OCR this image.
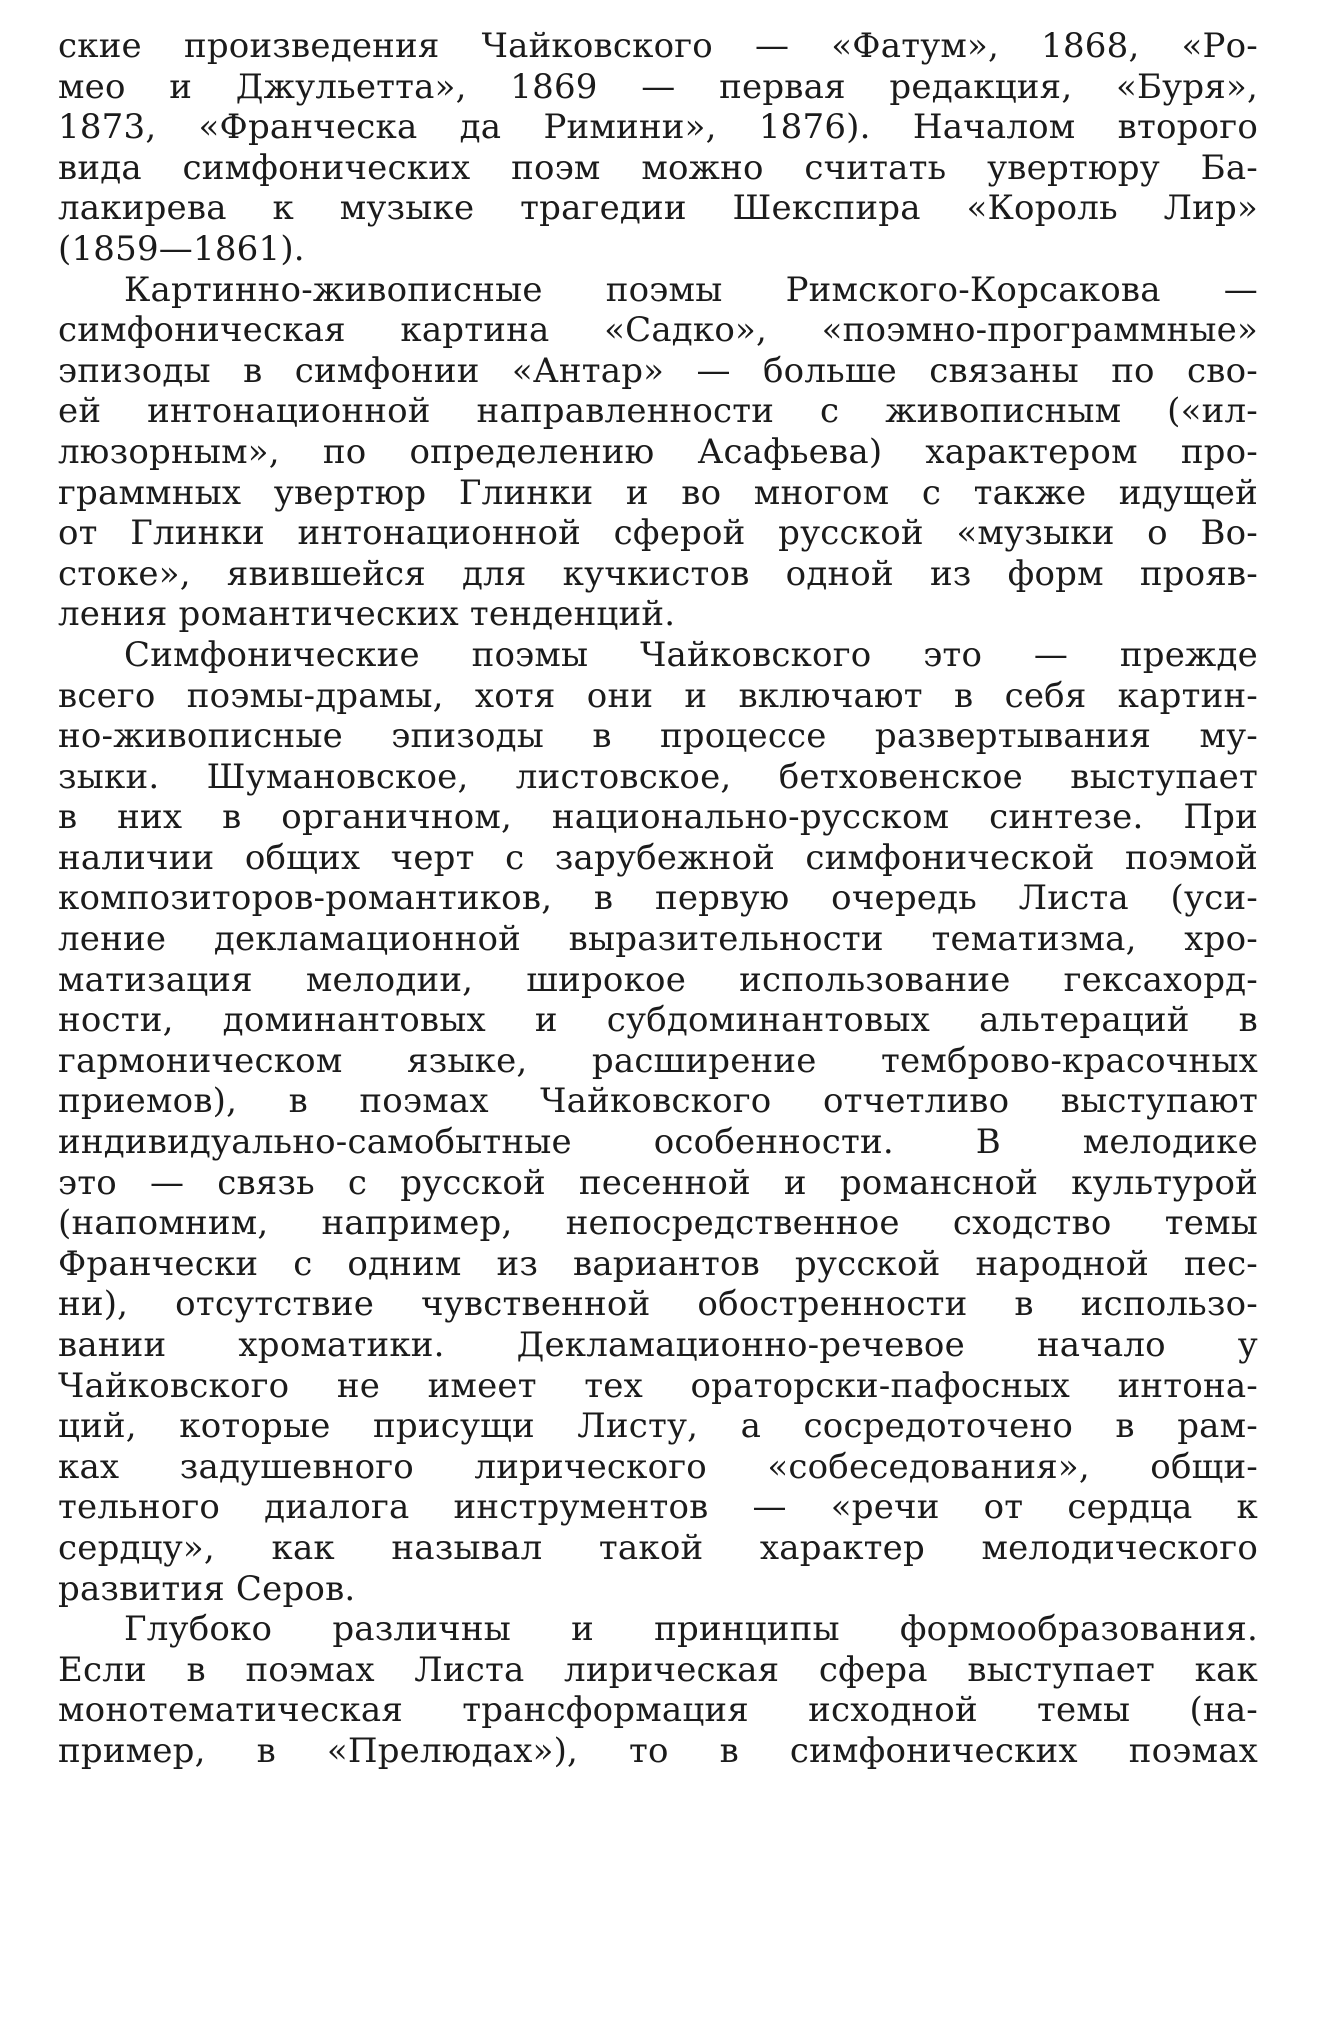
ские произведения Чайковского — «Фатум», 1868, «Ро-
мео и Джульетта», 1869 — первая редакция, «Буря»,
1873, «Франческа да Римини», 1876). Началом второго
вида симфонических поэм можно считать увертюру Ба-
лакирева к музыке трагедии Шекспира «Король Лир»
(1859—1861).
Картинно-живописные поэмы Римского-Корсакова —
симфоническая картина «Садко», «поэмно-программные»
эпизоды в симфонии «Антар» — больше связаны по сво-
ей интонационной направленности с живописным («ил-
люзорным», по определению Асафьева) характером про-
граммных увертюр Глинки и во многом с также идущей
от Глинки интонационной сферой русской «музыки о Во-
стоке», явившейся для кучкистов одной из форм прояв-
ления романтических тенденций.
Симфонические поэмы Чайковского это — прежде
всего поэмы-драмы, хотя они и включают в себя картин-
но-живописные эпизоды в процессе развертывания му-
зыки. Шумановское, листовское, бетховенское выступает
в них в органичном, национально-русском синтезе. При
наличии общих черт с зарубежной симфонической поэмой
композиторов-романтиков, в первую очередь Листа (уси-
ление декламационной выразительности тематизма, хро-
матизация мелодии, широкое использование гексахорд-
ности, доминантовых и субдоминантовых альтераций в
гармоническом языке, расширение темброво-красочных
приемов), в поэмах Чайковского отчетливо выступают
индивидуально-самобытные особенности. В мелодике
это — связь с русской песенной и романсной культурой
(напомним, например, непосредственное сходство темы
Франчески с одним из вариантов русской народной пес-
ни), отсутствие чувственной обостренности в использо-
вании хроматики. Декламационно-речевое начало у
Чайковского не имеет тех ораторски-пафосных интона-
ций, которые присущи Листу, а сосредоточено в рам-
ках задушевного лирического «собеседования», общи-
тельного диалога инструментов — «речи от сердца к
сердцу», как называл такой характер мелодического
развития Серов.
Глубоко различны и принципы формообразования.
Если в поэмах Листа лирическая сфера выступает как
монотематическая трансформация исходной темы (на-
пример, в «Прелюдах»), то в симфонических поэмах
